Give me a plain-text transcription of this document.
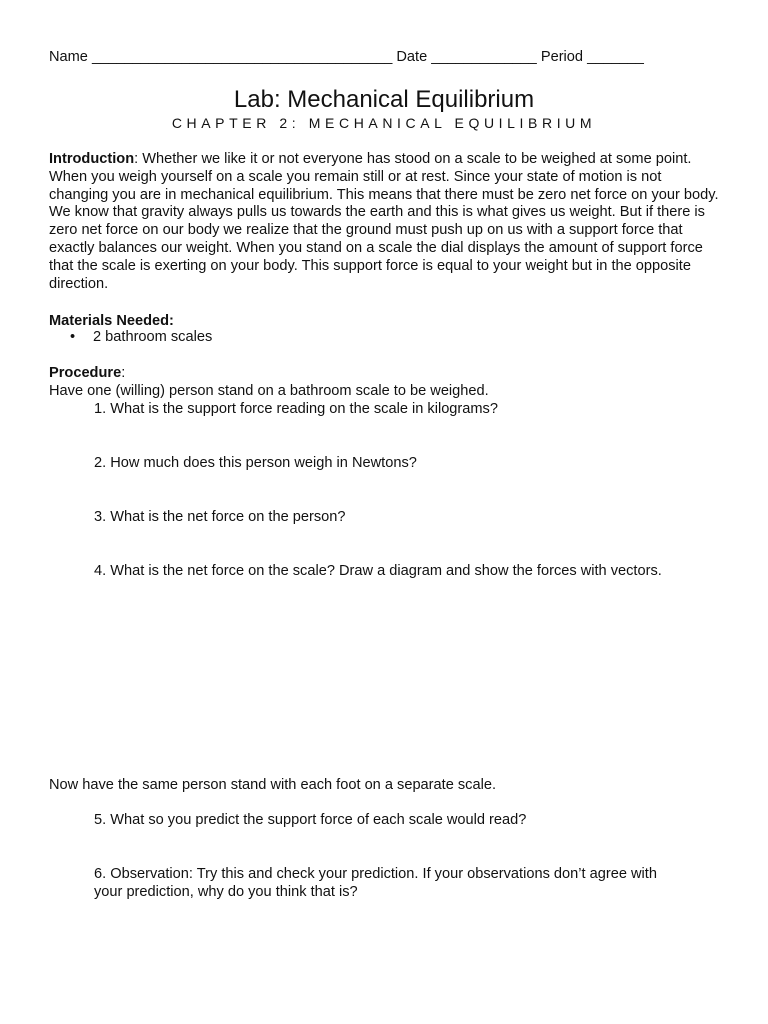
Name _____________________________________ Date _____________ Period _______
Lab: Mechanical Equilibrium
CHAPTER 2: MECHANICAL EQUILIBRIUM
Introduction: Whether we like it or not everyone has stood on a scale to be weighed at some point. When you weigh yourself on a scale you remain still or at rest. Since your state of motion is not changing you are in mechanical equilibrium. This means that there must be zero net force on your body. We know that gravity always pulls us towards the earth and this is what gives us weight. But if there is zero net force on our body we realize that the ground must push up on us with a support force that exactly balances our weight. When you stand on a scale the dial displays the amount of support force that the scale is exerting on your body. This support force is equal to your weight but in the opposite direction.
Materials Needed:
• 2 bathroom scales
Procedure:
Have one (willing) person stand on a bathroom scale to be weighed.
1. What is the support force reading on the scale in kilograms?
2. How much does this person weigh in Newtons?
3. What is the net force on the person?
4. What is the net force on the scale? Draw a diagram and show the forces with vectors.
Now have the same person stand with each foot on a separate scale.
5. What so you predict the support force of each scale would read?
6. Observation: Try this and check your prediction. If your observations don’t agree with your prediction, why do you think that is?
